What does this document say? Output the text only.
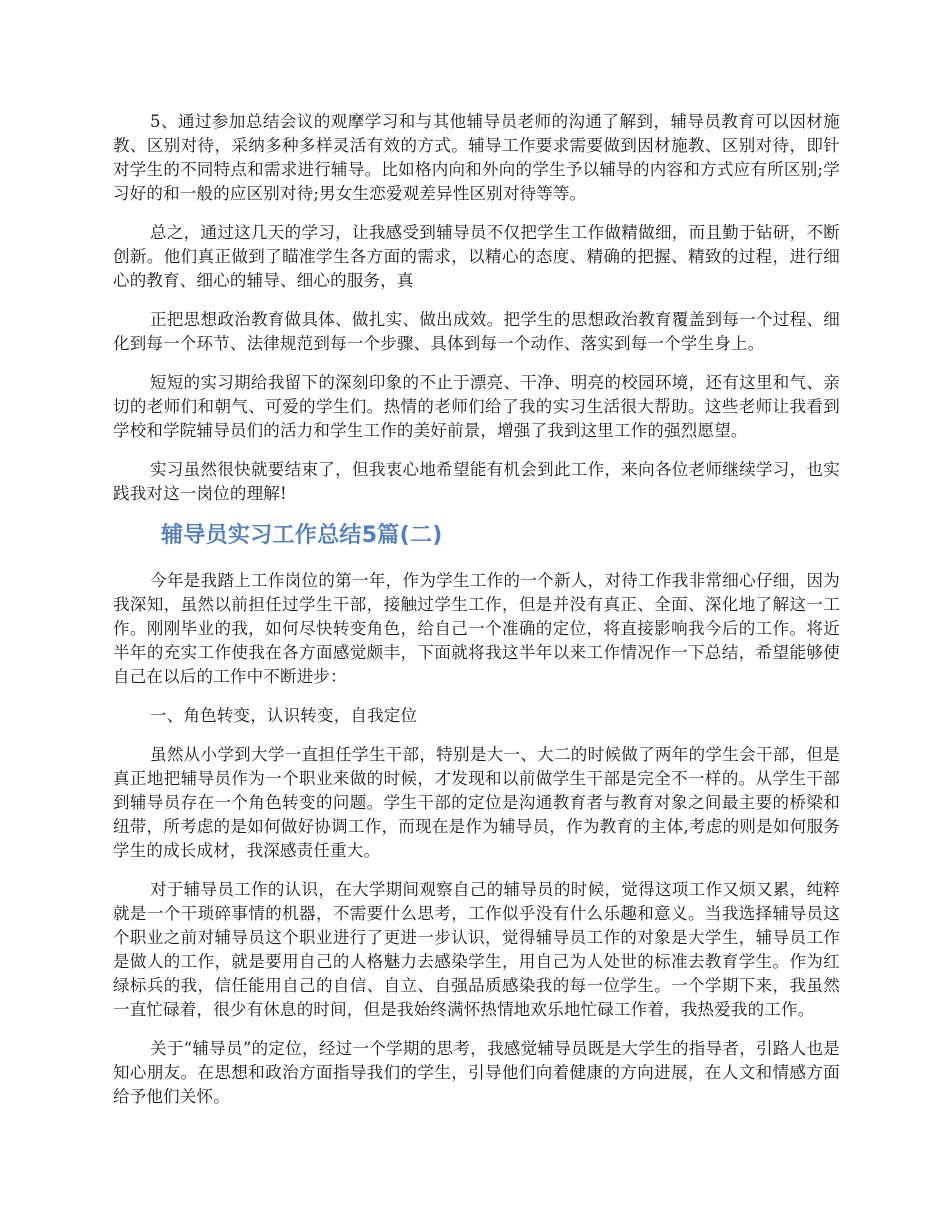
5、通过参加总结会议的观摩学习和与其他辅导员老师的沟通了解到，辅导员教育可以因材施教、区别对待，采纳多种多样灵活有效的方式。辅导工作要求需要做到因材施教、区别对待，即针对学生的不同特点和需求进行辅导。比如格内向和外向的学生予以辅导的内容和方式应有所区别;学习好的和一般的应区别对待;男女生恋爱观差异性区别对待等等。

总之，通过这几天的学习，让我感受到辅导员不仅把学生工作做精做细，而且勤于钻研，不断创新。他们真正做到了瞄准学生各方面的需求，以精心的态度、精确的把握、精致的过程，进行细心的教育、细心的辅导、细心的服务，真

正把思想政治教育做具体、做扎实、做出成效。把学生的思想政治教育覆盖到每一个过程、细化到每一个环节、法律规范到每一个步骤、具体到每一个动作、落实到每一个学生身上。

短短的实习期给我留下的深刻印象的不止于漂亮、干净、明亮的校园环境，还有这里和气、亲切的老师们和朝气、可爱的学生们。热情的老师们给了我的实习生活很大帮助。这些老师让我看到学校和学院辅导员们的活力和学生工作的美好前景，增强了我到这里工作的强烈愿望。

实习虽然很快就要结束了，但我衷心地希望能有机会到此工作，来向各位老师继续学习，也实践我对这一岗位的理解!

辅导员实习工作总结5篇(二)

今年是我踏上工作岗位的第一年，作为学生工作的一个新人，对待工作我非常细心仔细，因为我深知，虽然以前担任过学生干部，接触过学生工作，但是并没有真正、全面、深化地了解这一工作。刚刚毕业的我，如何尽快转变角色，给自己一个准确的定位，将直接影响我今后的工作。将近半年的充实工作使我在各方面感觉颇丰，下面就将我这半年以来工作情况作一下总结，希望能够使自己在以后的工作中不断进步：

一、角色转变，认识转变，自我定位

虽然从小学到大学一直担任学生干部，特别是大一、大二的时候做了两年的学生会干部，但是真正地把辅导员作为一个职业来做的时候，才发现和以前做学生干部是完全不一样的。从学生干部到辅导员存在一个角色转变的问题。学生干部的定位是沟通教育者与教育对象之间最主要的桥梁和纽带，所考虑的是如何做好协调工作，而现在是作为辅导员，作为教育的主体,考虑的则是如何服务学生的成长成材，我深感责任重大。

对于辅导员工作的认识，在大学期间观察自己的辅导员的时候，觉得这项工作又烦又累，纯粹就是一个干琐碎事情的机器，不需要什么思考，工作似乎没有什么乐趣和意义。当我选择辅导员这个职业之前对辅导员这个职业进行了更进一步认识，觉得辅导员工作的对象是大学生，辅导员工作是做人的工作，就是要用自己的人格魅力去感染学生，用自己为人处世的标准去教育学生。作为红绿标兵的我，信任能用自己的自信、自立、自强品质感染我的每一位学生。一个学期下来，我虽然一直忙碌着，很少有休息的时间，但是我始终满怀热情地欢乐地忙碌工作着，我热爱我的工作。

关于“辅导员”的定位，经过一个学期的思考，我感觉辅导员既是大学生的指导者，引路人也是知心朋友。在思想和政治方面指导我们的学生，引导他们向着健康的方向进展，在人文和情感方面给予他们关怀。
